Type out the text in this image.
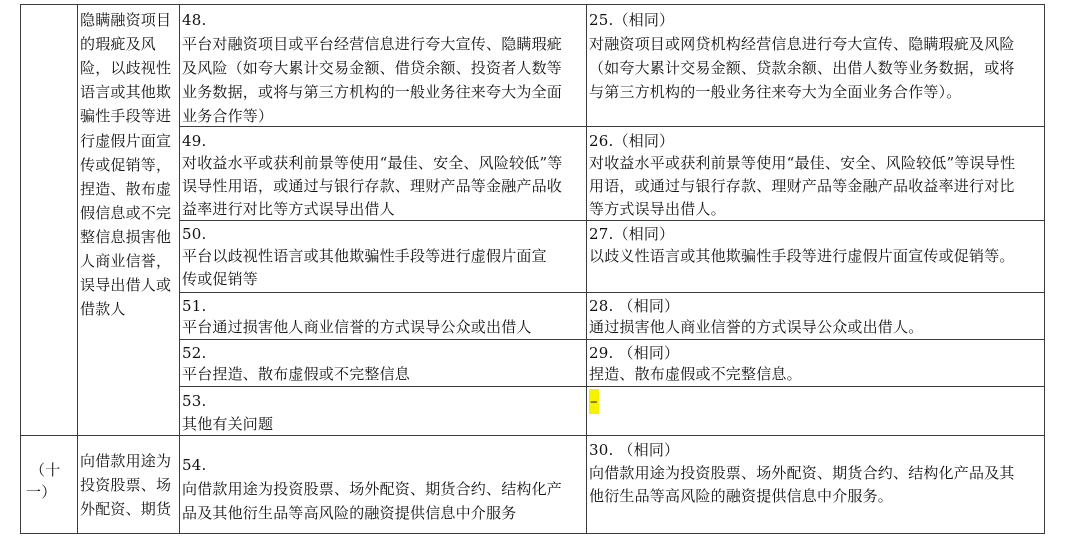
隐瞒融资项目
的瑕疵及风
险，以歧视性
语言或其他欺
骗性手段等进
行虚假片面宣
传或促销等，
捏造、散布虚
假信息或不完
整信息损害他
人商业信誉，
误导出借人或
借款人
（十
一）
向借款用途为
投资股票、场
外配资、期货
48.
平台对融资项目或平台经营信息进行夸大宣传、隐瞒瑕疵
及风险（如夸大累计交易金额、借贷余额、投资者人数等
业务数据，或将与第三方机构的一般业务往来夸大为全面
业务合作等）
25.（相同）
对融资项目或网贷机构经营信息进行夸大宣传、隐瞒瑕疵及风险
（如夸大累计交易金额、贷款余额、出借人数等业务数据，或将
与第三方机构的一般业务往来夸大为全面业务合作等）。
49.
对收益水平或获利前景等使用“最佳、安全、风险较低”等
误导性用语，或通过与银行存款、理财产品等金融产品收
益率进行对比等方式误导出借人
26.（相同）
对收益水平或获利前景等使用“最佳、安全、风险较低”等误导性
用语，或通过与银行存款、理财产品等金融产品收益率进行对比
等方式误导出借人。
50.
平台以歧视性语言或其他欺骗性手段等进行虚假片面宣
传或促销等
27.（相同）
以歧义性语言或其他欺骗性手段等进行虚假片面宣传或促销等。
51.
平台通过损害他人商业信誉的方式误导公众或出借人
28. （相同）
通过损害他人商业信誉的方式误导公众或出借人。
52.
平台捏造、散布虚假或不完整信息
29. （相同）
捏造、散布虚假或不完整信息。
53.
其他有关问题
–
54.
向借款用途为投资股票、场外配资、期货合约、结构化产
品及其他衍生品等高风险的融资提供信息中介服务
30. （相同）
向借款用途为投资股票、场外配资、期货合约、结构化产品及其
他衍生品等高风险的融资提供信息中介服务。
